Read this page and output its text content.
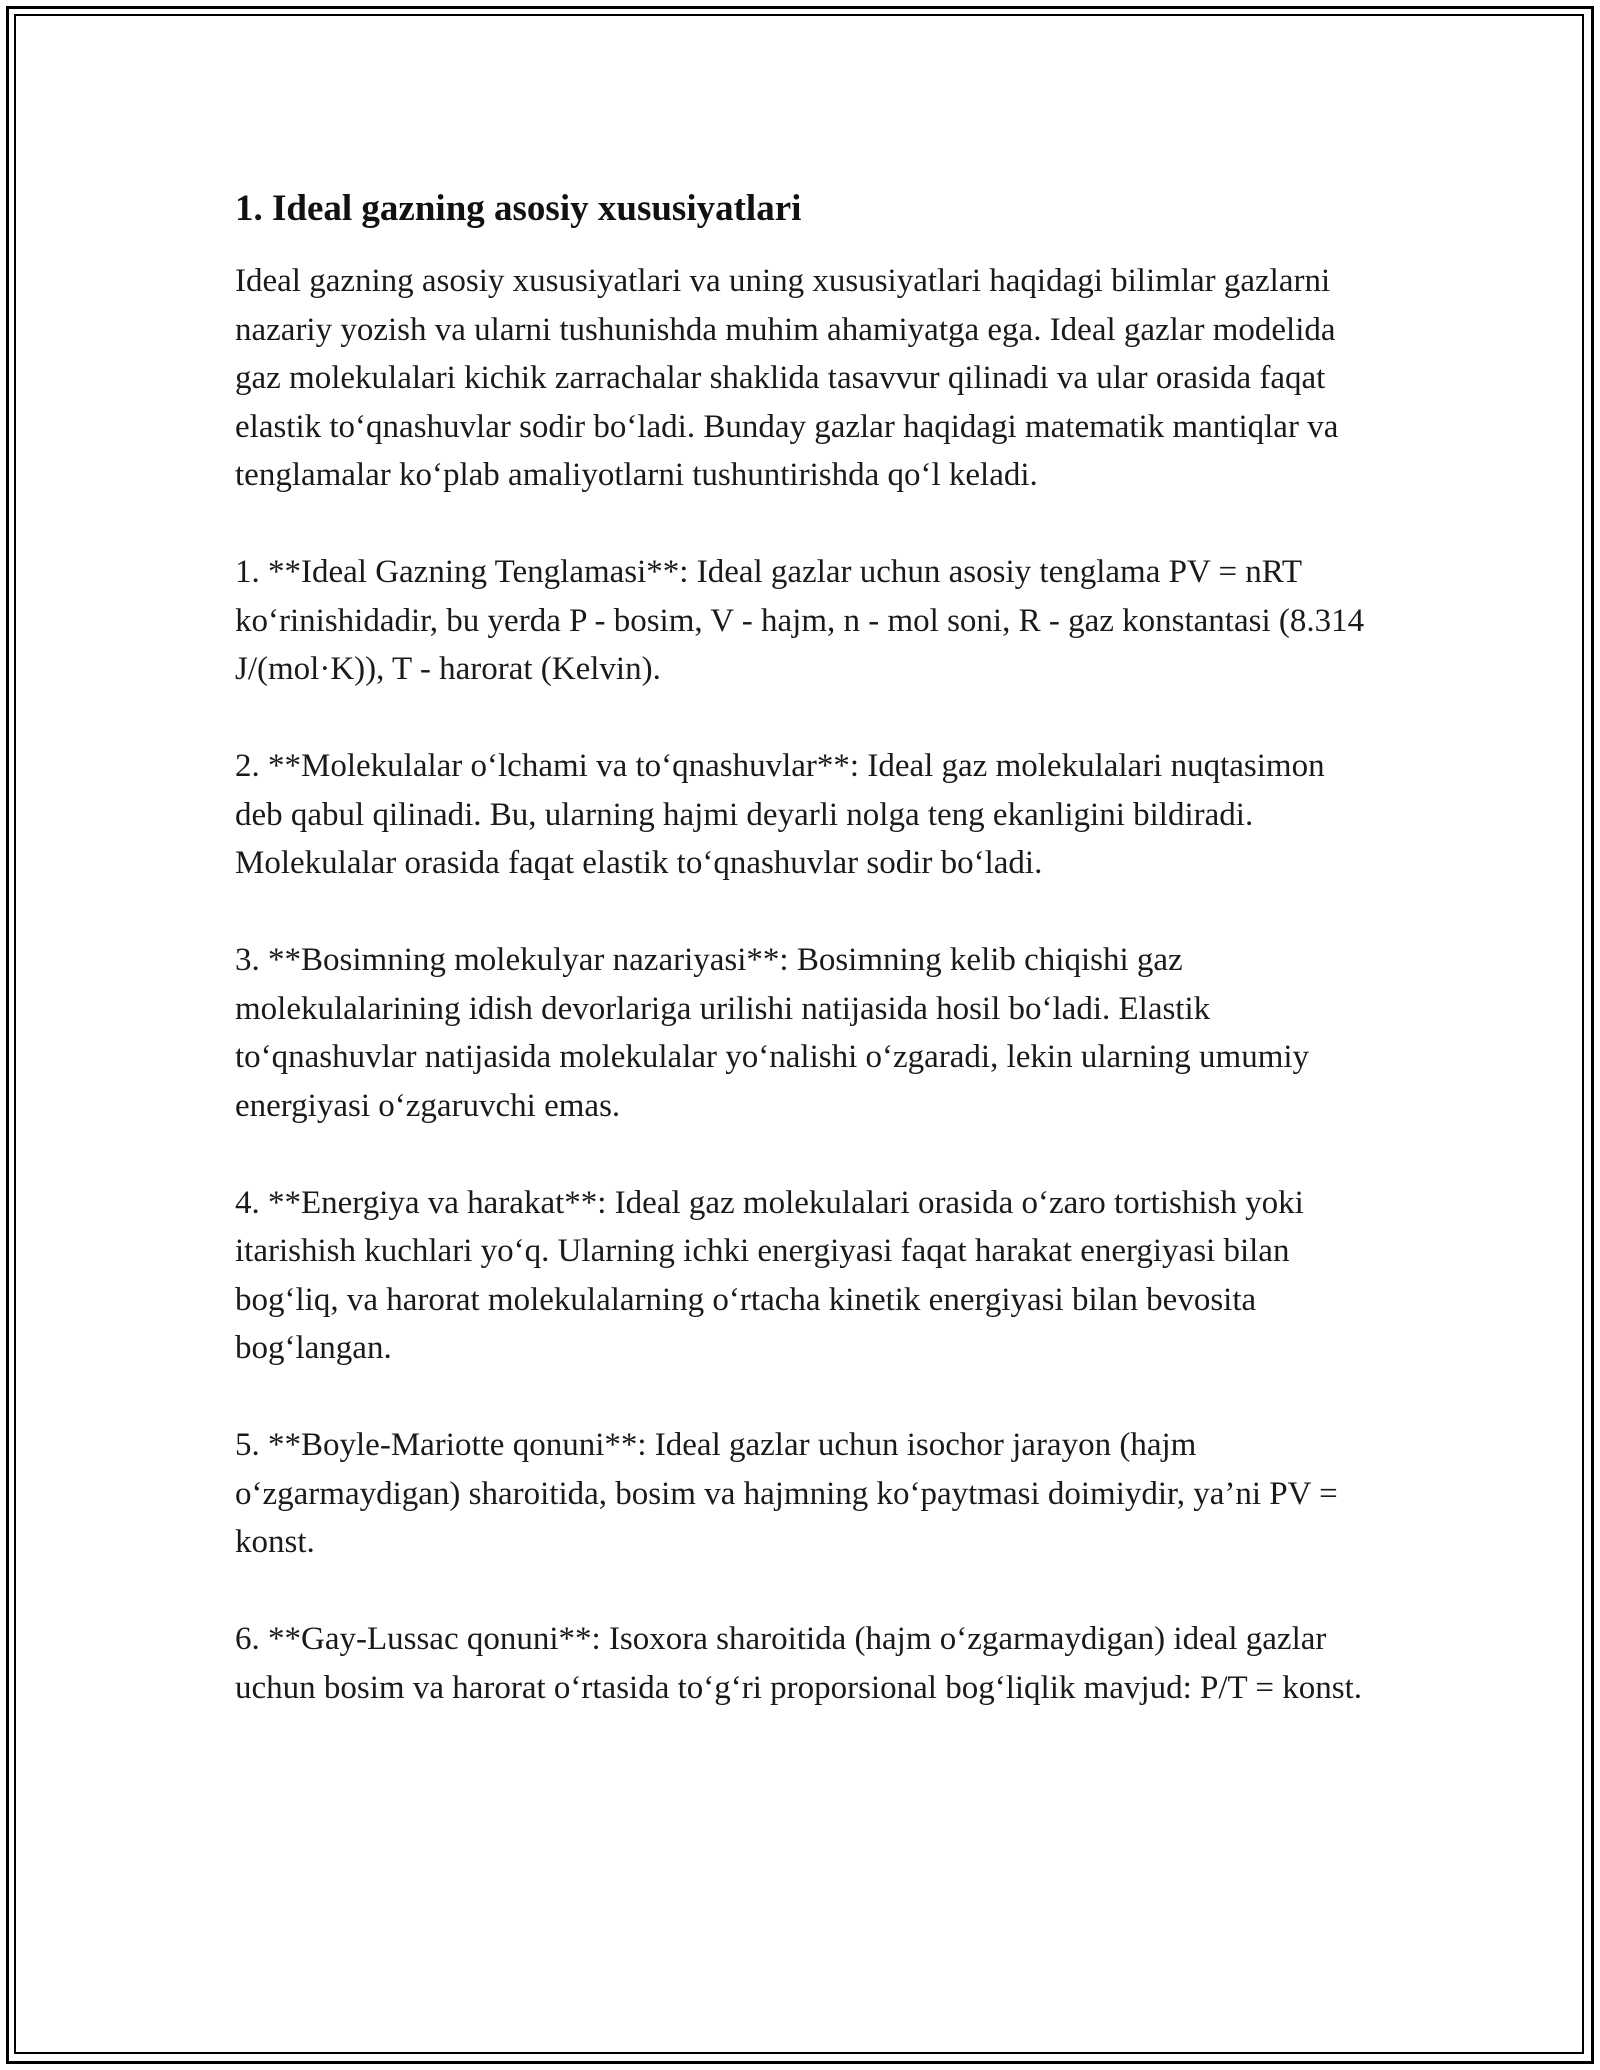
1. Ideal gazning asosiy xususiyatlari

Ideal gazning asosiy xususiyatlari va uning xususiyatlari haqidagi bilimlar gazlarni nazariy yozish va ularni tushunishda muhim ahamiyatga ega. Ideal gazlar modelida gaz molekulalari kichik zarrachalar shaklida tasavvur qilinadi va ular orasida faqat elastik to‘qnashuvlar sodir bo‘ladi. Bunday gazlar haqidagi matematik mantiqlar va tenglamalar ko‘plab amaliyotlarni tushuntirishda qo‘l keladi.

1. **Ideal Gazning Tenglamasi**: Ideal gazlar uchun asosiy tenglama PV = nRT ko‘rinishidadir, bu yerda P - bosim, V - hajm, n - mol soni, R - gaz konstantasi (8.314 J/(mol·K)), T - harorat (Kelvin).

2. **Molekulalar o‘lchami va to‘qnashuvlar**: Ideal gaz molekulalari nuqtasimon deb qabul qilinadi. Bu, ularning hajmi deyarli nolga teng ekanligini bildiradi. Molekulalar orasida faqat elastik to‘qnashuvlar sodir bo‘ladi.

3. **Bosimning molekulyar nazariyasi**: Bosimning kelib chiqishi gaz molekulalarining idish devorlariga urilishi natijasida hosil bo‘ladi. Elastik to‘qnashuvlar natijasida molekulalar yo‘nalishi o‘zgaradi, lekin ularning umumiy energiyasi o‘zgaruvchi emas.

4. **Energiya va harakat**: Ideal gaz molekulalari orasida o‘zaro tortishish yoki itarishish kuchlari yo‘q. Ularning ichki energiyasi faqat harakat energiyasi bilan bog‘liq, va harorat molekulalarning o‘rtacha kinetik energiyasi bilan bevosita bog‘langan.

5. **Boyle-Mariotte qonuni**: Ideal gazlar uchun isochor jarayon (hajm o‘zgarmaydigan) sharoitida, bosim va hajmning ko‘paytmasi doimiydir, ya’ni PV = konst.

6. **Gay-Lussac qonuni**: Isoxora sharoitida (hajm o‘zgarmaydigan) ideal gazlar uchun bosim va harorat o‘rtasida to‘g‘ri proporsional bog‘liqlik mavjud: P/T = konst.
